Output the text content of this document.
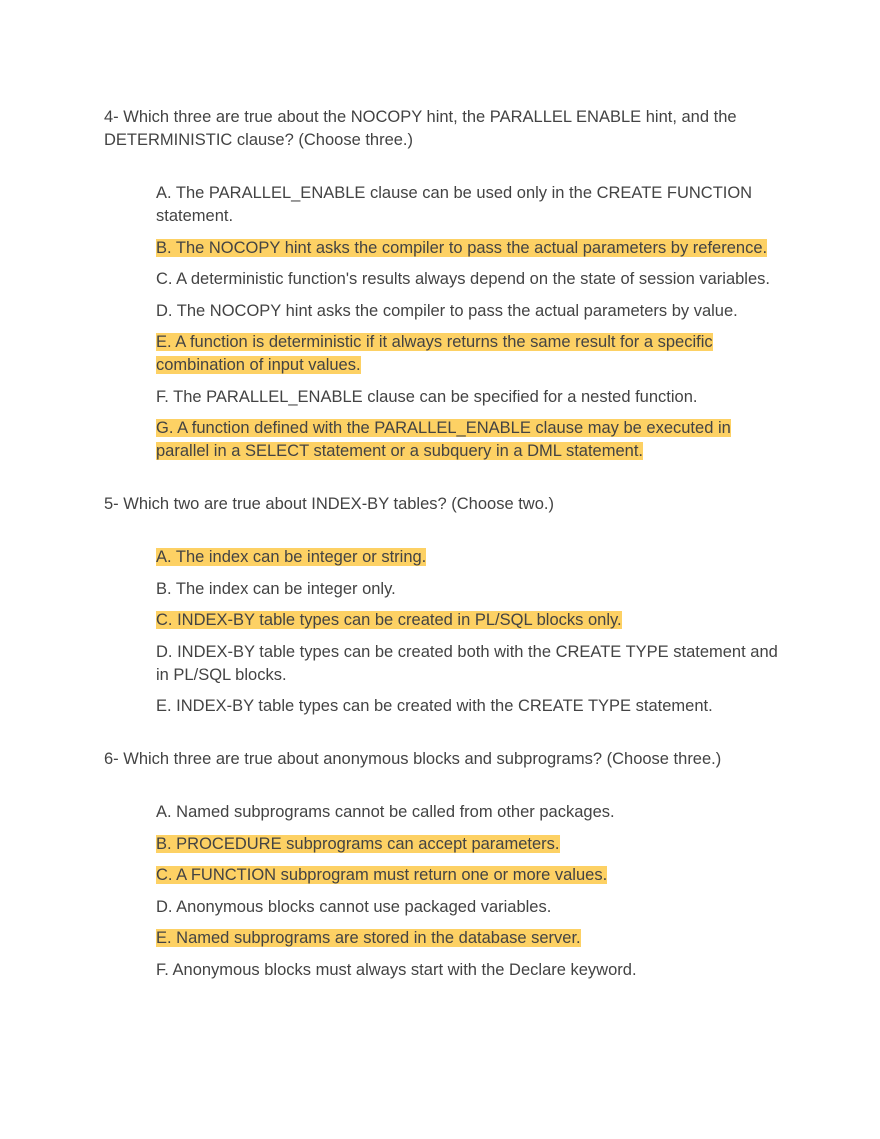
4- Which three are true about the NOCOPY hint, the PARALLEL ENABLE hint, and the DETERMINISTIC clause? (Choose three.)
A. The PARALLEL_ENABLE clause can be used only in the CREATE FUNCTION statement.
B. The NOCOPY hint asks the compiler to pass the actual parameters by reference.
C. A deterministic function's results always depend on the state of session variables.
D. The NOCOPY hint asks the compiler to pass the actual parameters by value.
E. A function is deterministic if it always returns the same result for a specific combination of input values.
F. The PARALLEL_ENABLE clause can be specified for a nested function.
G. A function defined with the PARALLEL_ENABLE clause may be executed in parallel in a SELECT statement or a subquery in a DML statement.
5- Which two are true about INDEX-BY tables? (Choose two.)
A. The index can be integer or string.
B. The index can be integer only.
C. INDEX-BY table types can be created in PL/SQL blocks only.
D. INDEX-BY table types can be created both with the CREATE TYPE statement and in PL/SQL blocks.
E. INDEX-BY table types can be created with the CREATE TYPE statement.
6- Which three are true about anonymous blocks and subprograms? (Choose three.)
A. Named subprograms cannot be called from other packages.
B. PROCEDURE subprograms can accept parameters.
C. A FUNCTION subprogram must return one or more values.
D. Anonymous blocks cannot use packaged variables.
E. Named subprograms are stored in the database server.
F. Anonymous blocks must always start with the Declare keyword.
